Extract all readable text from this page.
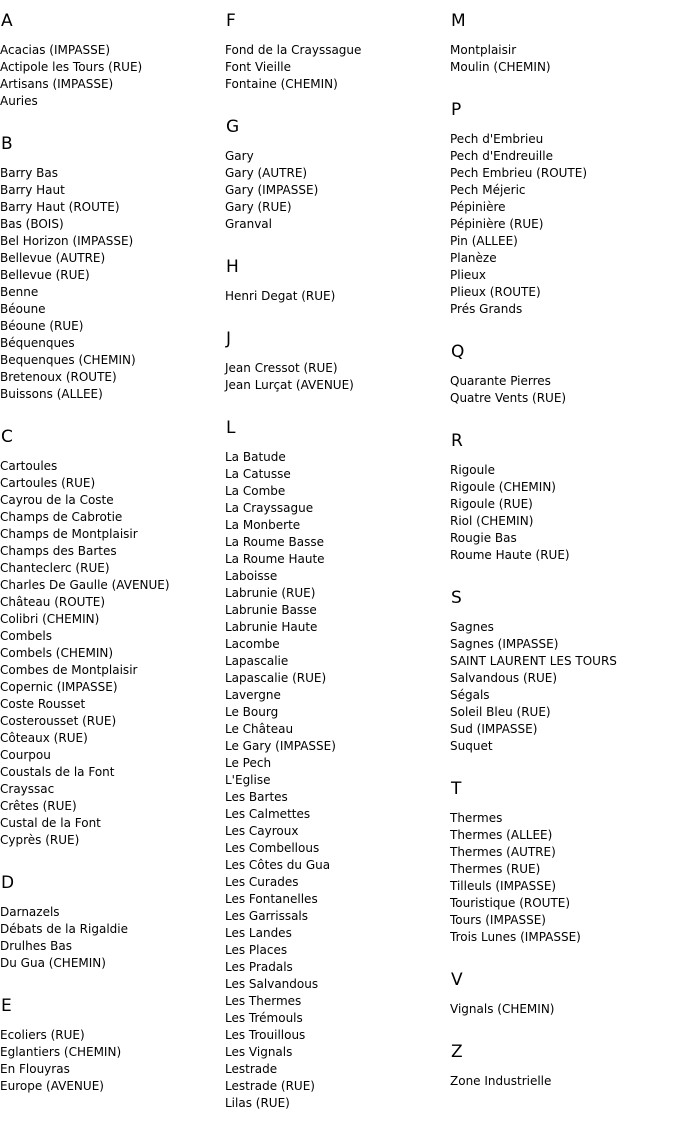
A
Acacias (IMPASSE)
Actipole les Tours (RUE)
Artisans (IMPASSE)
Auries
B
Barry Bas
Barry Haut
Barry Haut (ROUTE)
Bas (BOIS)
Bel Horizon (IMPASSE)
Bellevue (AUTRE)
Bellevue (RUE)
Benne
Béoune
Béoune (RUE)
Béquenques
Bequenques (CHEMIN)
Bretenoux (ROUTE)
Buissons (ALLEE)
C
Cartoules
Cartoules (RUE)
Cayrou de la Coste
Champs de Cabrotie
Champs de Montplaisir
Champs des Bartes
Chanteclerc (RUE)
Charles De Gaulle (AVENUE)
Château (ROUTE)
Colibri (CHEMIN)
Combels
Combels (CHEMIN)
Combes de Montplaisir
Copernic (IMPASSE)
Coste Rousset
Costerousset (RUE)
Côteaux (RUE)
Courpou
Coustals de la Font
Crayssac
Crêtes (RUE)
Custal de la Font
Cyprès (RUE)
D
Darnazels
Débats de la Rigaldie
Drulhes Bas
Du Gua (CHEMIN)
E
Ecoliers (RUE)
Eglantiers (CHEMIN)
En Flouyras
Europe (AVENUE)
F
Fond de la Crayssague
Font Vieille
Fontaine (CHEMIN)
G
Gary
Gary (AUTRE)
Gary (IMPASSE)
Gary (RUE)
Granval
H
Henri Degat (RUE)
J
Jean Cressot (RUE)
Jean Lurçat (AVENUE)
L
La Batude
La Catusse
La Combe
La Crayssague
La Monberte
La Roume Basse
La Roume Haute
Laboisse
Labrunie (RUE)
Labrunie Basse
Labrunie Haute
Lacombe
Lapascalie
Lapascalie (RUE)
Lavergne
Le Bourg
Le Château
Le Gary (IMPASSE)
Le Pech
L'Eglise
Les Bartes
Les Calmettes
Les Cayroux
Les Combellous
Les Côtes du Gua
Les Curades
Les Fontanelles
Les Garrissals
Les Landes
Les Places
Les Pradals
Les Salvandous
Les Thermes
Les Trémouls
Les Trouillous
Les Vignals
Lestrade
Lestrade (RUE)
Lilas (RUE)
M
Montplaisir
Moulin (CHEMIN)
P
Pech d'Embrieu
Pech d'Endreuille
Pech Embrieu (ROUTE)
Pech Méjeric
Pépinière
Pépinière (RUE)
Pin (ALLEE)
Planèze
Plieux
Plieux (ROUTE)
Prés Grands
Q
Quarante Pierres
Quatre Vents (RUE)
R
Rigoule
Rigoule (CHEMIN)
Rigoule (RUE)
Riol (CHEMIN)
Rougie Bas
Roume Haute (RUE)
S
Sagnes
Sagnes (IMPASSE)
SAINT LAURENT LES TOURS
Salvandous (RUE)
Ségals
Soleil Bleu (RUE)
Sud (IMPASSE)
Suquet
T
Thermes
Thermes (ALLEE)
Thermes (AUTRE)
Thermes (RUE)
Tilleuls (IMPASSE)
Touristique (ROUTE)
Tours (IMPASSE)
Trois Lunes (IMPASSE)
V
Vignals (CHEMIN)
Z
Zone Industrielle
